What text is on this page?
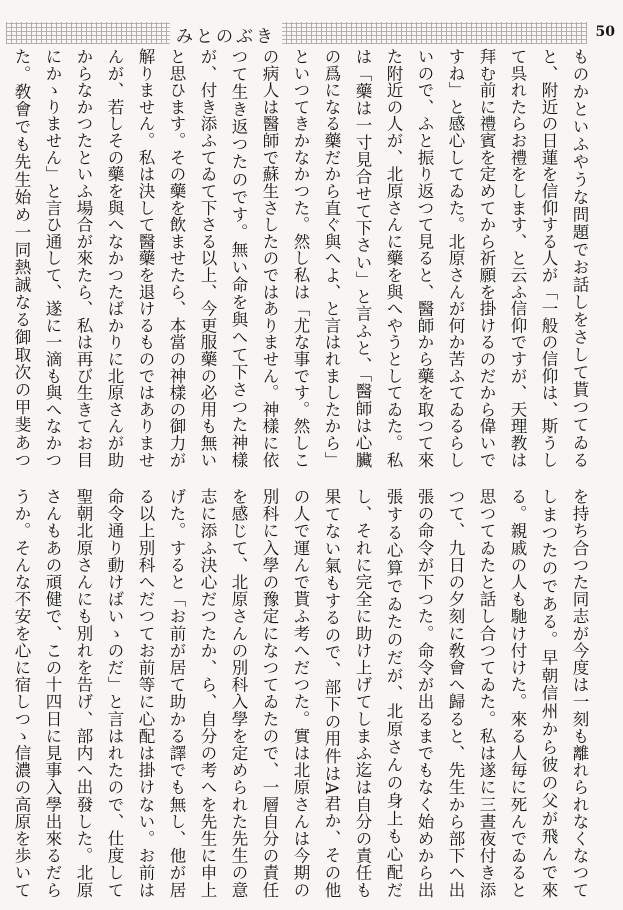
みとのぶき	50
ものかといふやうな問題でお話しをさして貰つてゐると、附近の日蓮を信仰する人が「一般の信仰は、斯うして呉れたらお禮をします、と云ふ信仰ですが、天理教は拜む前に禮賓を定めてから祈願を掛けるのだから偉いですね」と感心してゐた。北原さんが何か苦ふてゐるらしいので、ふと振り返つて見ると、醫師から藥を取つて來た附近の人が、北原さんに藥を與へやうとしてゐた。私は「藥は一寸見合せて下さい」と言ふと、「醫師は心臟の爲になる藥だから直ぐ與へよ、と言はれましたから」といつてきかなかつた。然し私は「尤な事です。然しこの病人は醫師で蘇生さしたのではありません。神樣に依つて生き返つたのです。無い命を與へて下さつた神樣が、付き添ふてゐて下さる以上、今更服藥の必用も無いと思ひます。その藥を飲ませたら、本當の神樣の御力が解りません。私は決して醫藥を退けるものではありませんが、若しその藥を與へなかつたばかりに北原さんが助からなかつたといふ場合が來たら、私は再び生きてお目にかゝりません」と言ひ通して、遂に一滴も與へなかつた。敎會でも先生始め一同熱誠なる御取次の甲斐あつ
を持ち合つた同志が今度は一刻も離れられなくなつてしまつたのである。早朝信州から彼の父が飛んで來る。親戚の人も馳け付けた。來る人毎に死んでゐると思つてゐたと話し合つてゐた。私は遂に三晝夜付き添つて、九日の夕刻に敎會へ歸ると、先生から部下へ出張の命令が下つた。命令が出るまでもなく始めから出張する心算でゐたのだが、北原さんの身上も心配だし、それに完全に助け上げてしまふ迄は自分の責任も果てない氣もするので、部下の用件はA君か、その他の人で運んで貰ふ考へだつた。實は北原さんは今期の別科に入學の豫定になつてゐたので、一層自分の責任を感じて、北原さんの別科入學を定められた先生の意志に添ふ決心だつたか、ら、自分の考へを先生に申上げた。すると「お前が居て助かる譯でも無し、他が居る以上別科へだつてお前等に心配は掛けない。お前は命令通り動けばいゝのだ」と言はれたので、仕度して聖朝北原さんにも別れを告げ、部内へ出發した。北原さんもあの頑健で、この十四日に見事入學出來るだらうか。そんな不安を心に宿しつゝ信濃の高原を歩いて
